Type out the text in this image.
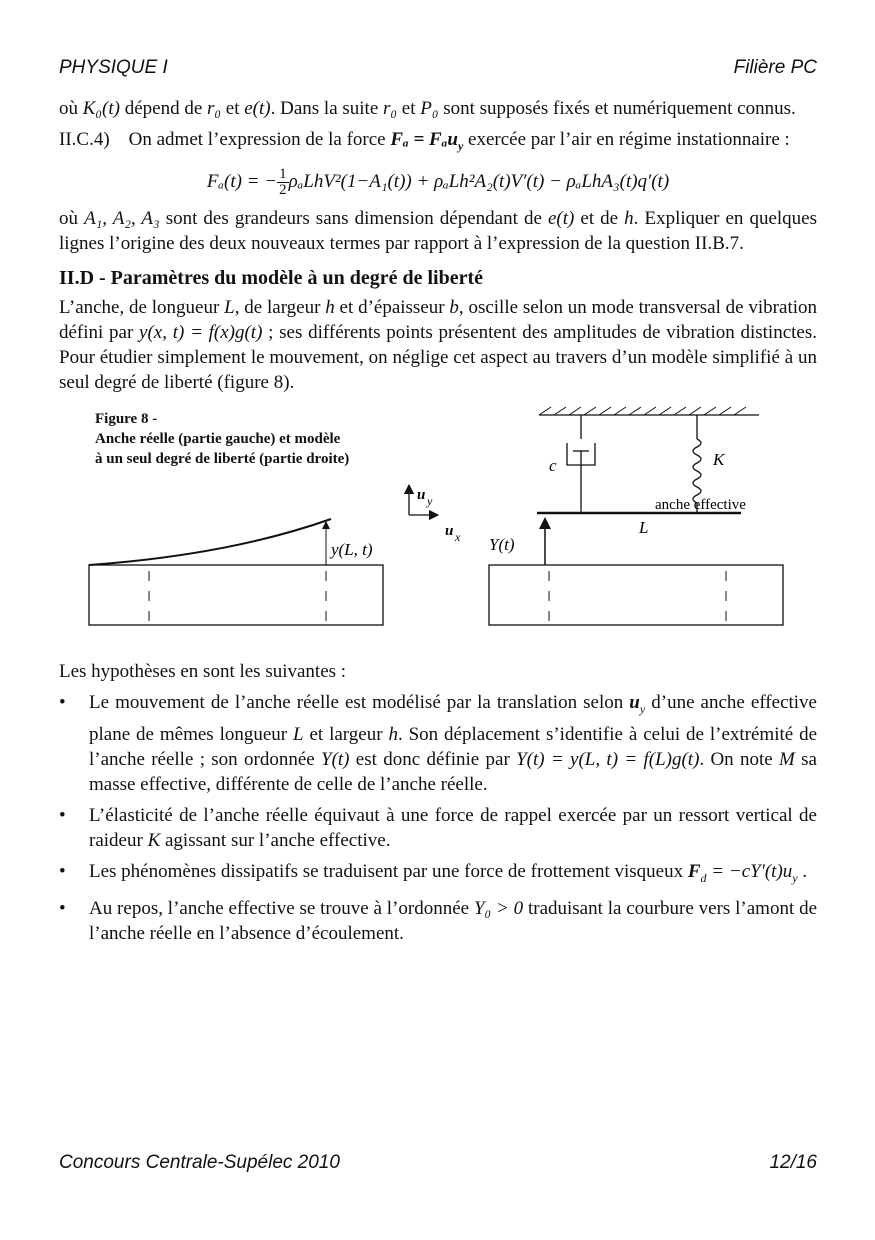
PHYSIQUE I	Filière PC

où K₀(t) dépend de r₀ et e(t). Dans la suite r₀ et P₀ sont supposés fixés et numériquement connus.

II.C.4) On admet l’expression de la force Fₐ = Fₐu$_y$ exercée par l’air en régime instationnaire :

Fₐ(t) = − $\frac{1}{2} \rho_aLhV^2(1-A_1(t)) + \rho_aLh^2A_2(t)V'(t) - \rho_aLhA_3(t)q'(t)$

où A₁, A₂, A₃ sont des grandeurs sans dimension dépendant de e(t) et de h. Expliquer en quelques lignes l’origine des deux nouveaux termes par rapport à l’expression de la question II.B.7.

II.D - Paramètres du modèle à un degré de liberté

L’anche, de longueur L, de largeur h et d’épaisseur b, oscille selon un mode transversal de vibration défini par y(x, t) = f(x)g(t) ; ses différents points présentent des amplitudes de vibration distinctes. Pour étudier simplement le mouvement, on néglige cet aspect au travers d’un modèle simplifié à un seul degré de liberté (figure 8).

y(L, t)
u y
u x
c	K
anche effective
L
Y(t)
Figure 8 -
Anche réelle (partie gauche) et modèle
à un seul degré de liberté (partie droite)

Les hypothèses en sont les suivantes :

• Le mouvement de l’anche réelle est modélisé par la translation selon $u_y$ d’une anche effective plane de mêmes longueur L et largeur h. Son déplacement s’identifie à celui de l’extrémité de l’anche réelle ; son ordonnée Y(t) est donc définie par Y(t) = y(L, t) = f(L)g(t). On note M sa masse effective, différente de celle de l’anche réelle.
• L’élasticité de l’anche réelle équivaut à une force de rappel exercée par un ressort vertical de raideur K agissant sur l’anche effective.
• Les phénomènes dissipatifs se traduisent par une force de frottement visqueux $F_d = -cY'(t)u_y$ .
• Au repos, l’anche effective se trouve à l’ordonnée Y₀ > 0 traduisant la courbure vers l’amont de l’anche réelle en l’absence d’écoulement.
Concours Centrale-Supélec 2010	12/16
